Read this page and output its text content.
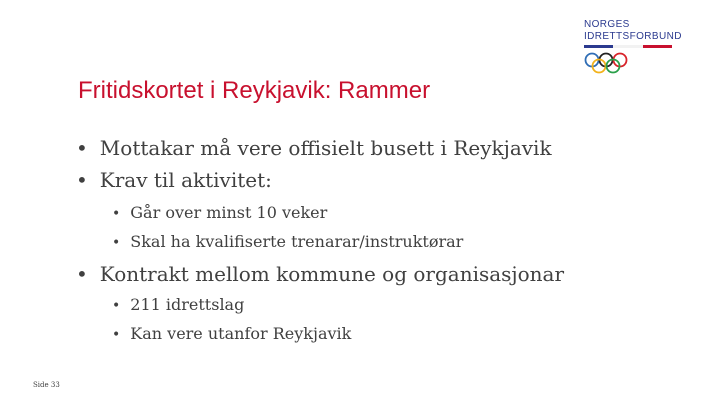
NORGES
IDRETTSFORBUND
Fritidskortet i Reykjavik: Rammer
• Mottakar må vere offisielt busett i Reykjavik
• Krav til aktivitet:
• Går over minst 10 veker
• Skal ha kvalifiserte trenarar/instruktørar
• Kontrakt mellom kommune og organisasjonar
• 211 idrettslag
• Kan vere utanfor Reykjavik
Side 33
